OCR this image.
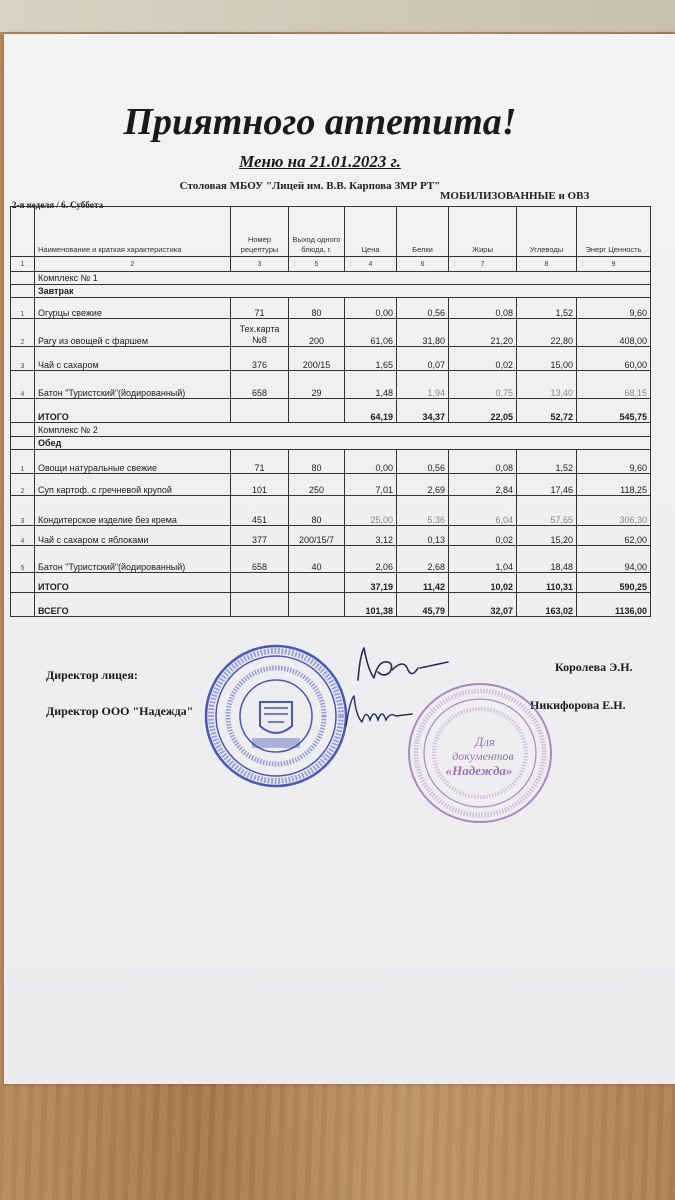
Приятного аппетита!
Меню на 21.01.2023 г.
Столовая МБОУ "Лицей им. В.В. Карпова ЗМР РТ"
2-я неделя / 6. Суббота
МОБИЛИЗОВАННЫЕ и ОВЗ
	Наименование и краткая характеристика	Номер рецептуры	Выход одного блюда, г.	Цена	Белки	Жиры	Углеводы	Энерг Ценность
1	2	3	5	4	6	7	8	9
	Комплекс № 1							
	Завтрак							
1	Огурцы свежие	71	80	0,00	0,56	0,08	1,52	9,60
2	Рагу из овощей с фаршем	Тех.карта №8	200	61,06	31,80	21,20	22,80	408,00
3	Чай с сахаром	376	200/15	1,65	0,07	0,02	15,00	60,00
4	Батон "Туристский"(йодированный)	658	29	1,48	1,94	0,75	13,40	68,15
	ИТОГО			64,19	34,37	22,05	52,72	545,75
	Комплекс № 2							
	Обед							
1	Овощи натуральные свежие	71	80	0,00	0,56	0,08	1,52	9,60
2	Суп картоф. с гречневой крупой	101	250	7,01	2,69	2,84	17,46	118,25
3	Кондитерское изделие без крема	451	80	25,00	5,36	6,04	57,65	306,30
4	Чай с сахаром с яблоками	377	200/15/7	3,12	0,13	0,02	15,20	62,00
5	Батон "Туристский"(йодированный)	658	40	2,06	2,68	1,04	18,48	94,00
	ИТОГО			37,19	11,42	10,02	110,31	590,25
	ВСЕГО			101,38	45,79	32,07	163,02	1136,00
Директор лицея:
Директор ООО "Надежда"
Королева Э.Н.
Никифорова Е.Н.
Для
документов
«Надежда»
